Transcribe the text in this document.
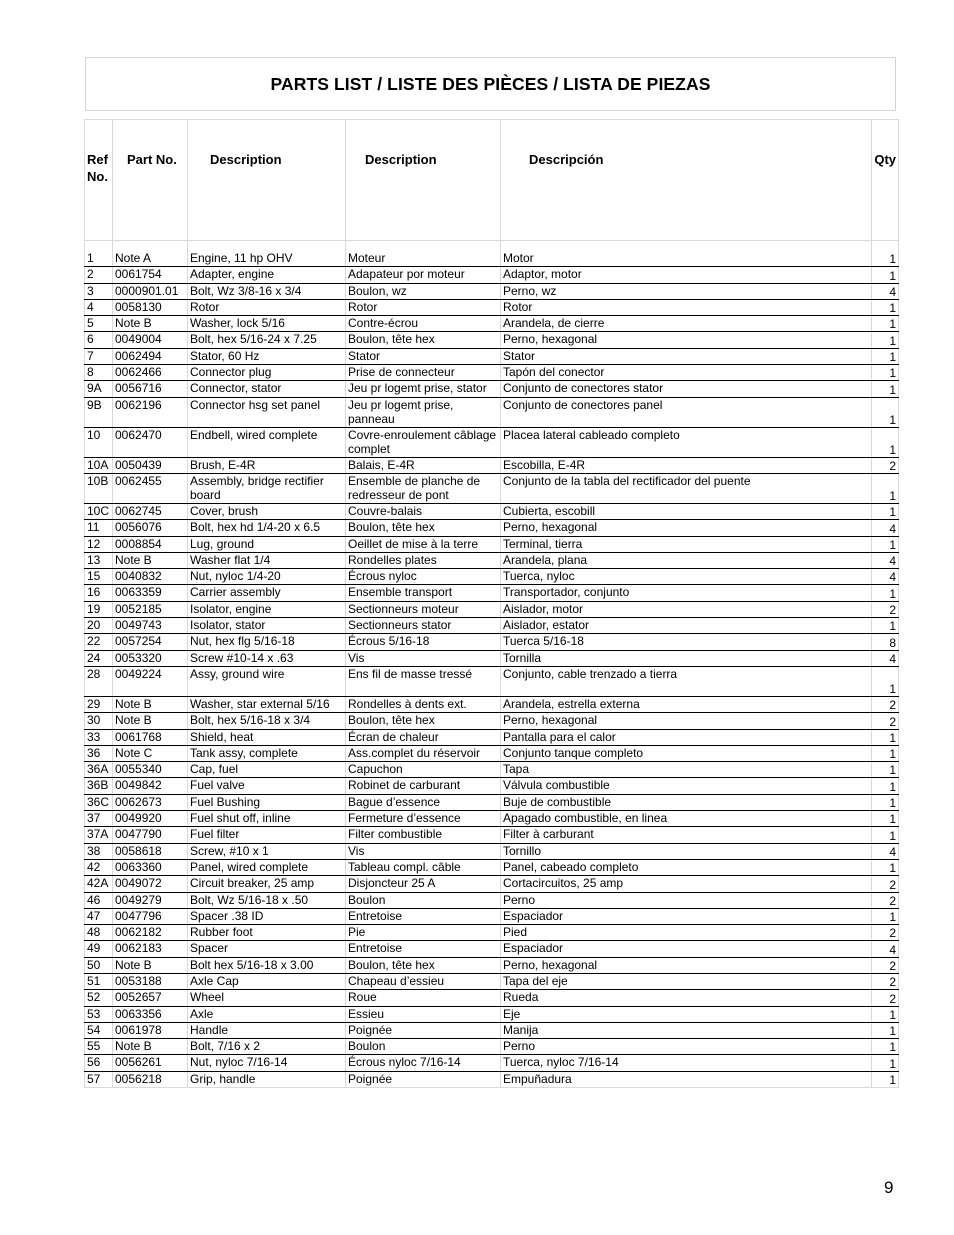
PARTS LIST / LISTE DES PIÈCES / LISTA DE PIEZAS
Ref No.	Part No.	Description	Description	Descripción	Qty
1	Note A	Engine, 11 hp OHV	Moteur	Motor	1
2	0061754	Adapter, engine	Adapateur por moteur	Adaptor, motor	1
3	0000901.01	Bolt, Wz 3/8-16 x 3/4	Boulon, wz	Perno, wz	4
4	0058130	Rotor	Rotor	Rotor	1
5	Note B	Washer, lock 5/16	Contre-écrou	Arandela, de cierre	1
6	0049004	Bolt, hex 5/16-24 x 7.25	Boulon, tête hex	Perno, hexagonal	1
7	0062494	Stator, 60 Hz	Stator	Stator	1
8	0062466	Connector plug	Prise de connecteur	Tapón del conector	1
9A	0056716	Connector, stator	Jeu pr logemt prise, stator	Conjunto de conectores stator	1
9B	0062196	Connector hsg set panel	Jeu pr logemt prise, panneau	Conjunto de conectores panel	1
10	0062470	Endbell, wired complete	Covre-enroulement câblage complet	Placea lateral cableado completo	1
10A	0050439	Brush, E-4R	Balais, E-4R	Escobilla, E-4R	2
10B	0062455	Assembly, bridge rectifier board	Ensemble de planche de redresseur de pont	Conjunto de la tabla del rectificador del puente	1
10C	0062745	Cover, brush	Couvre-balais	Cubierta, escobill	1
11	0056076	Bolt, hex hd 1/4-20 x 6.5	Boulon, tête hex	Perno, hexagonal	4
12	0008854	Lug, ground	Oeillet de mise à la terre	Terminal, tierra	1
13	Note B	Washer flat 1/4	Rondelles plates	Arandela, plana	4
15	0040832	Nut, nyloc 1/4-20	Écrous nyloc	Tuerca, nyloc	4
16	0063359	Carrier assembly	Ensemble transport	Transportador, conjunto	1
19	0052185	Isolator, engine	Sectionneurs moteur	Aislador, motor	2
20	0049743	Isolator, stator	Sectionneurs stator	Aislador, estator	1
22	0057254	Nut, hex flg 5/16-18	Écrous 5/16-18	Tuerca 5/16-18	8
24	0053320	Screw #10-14 x .63	Vis	Tornilla	4
28	0049224	Assy, ground wire	Ens fil de masse tressé	Conjunto, cable trenzado a tierra	1
29	Note B	Washer, star external 5/16	Rondelles à dents ext.	Arandela, estrella externa	2
30	Note B	Bolt, hex 5/16-18 x 3/4	Boulon, tête hex	Perno, hexagonal	2
33	0061768	Shield, heat	Écran de chaleur	Pantalla para el calor	1
36	Note C	Tank assy, complete	Ass.complet du réservoir	Conjunto tanque completo	1
36A	0055340	Cap, fuel	Capuchon	Tapa	1
36B	0049842	Fuel valve	Robinet de carburant	Válvula combustible	1
36C	0062673	Fuel Bushing	Bague d’essence	Buje de combustible	1
37	0049920	Fuel shut off, inline	Fermeture d’essence	Apagado combustible, en linea	1
37A	0047790	Fuel filter	Filter combustible	Filter à carburant	1
38	0058618	Screw, #10 x 1	Vis	Tornillo	4
42	0063360	Panel, wired complete	Tableau compl. câble	Panel, cabeado completo	1
42A	0049072	Circuit breaker, 25 amp	Disjoncteur 25 A	Cortacircuitos, 25 amp	2
46	0049279	Bolt, Wz 5/16-18 x .50	Boulon	Perno	2
47	0047796	Spacer .38 ID	Entretoise	Espaciador	1
48	0062182	Rubber foot	Pie	Pied	2
49	0062183	Spacer	Entretoise	Espaciador	4
50	Note B	Bolt hex 5/16-18 x 3.00	Boulon, tête hex	Perno, hexagonal	2
51	0053188	Axle Cap	Chapeau d’essieu	Tapa del eje	2
52	0052657	Wheel	Roue	Rueda	2
53	0063356	Axle	Essieu	Eje	1
54	0061978	Handle	Poignée	Manija	1
55	Note B	Bolt, 7/16 x 2	Boulon	Perno	1
56	0056261	Nut, nyloc 7/16-14	Écrous nyloc 7/16-14	Tuerca, nyloc 7/16-14	1
57	0056218	Grip, handle	Poignée	Empuñadura	1
9
